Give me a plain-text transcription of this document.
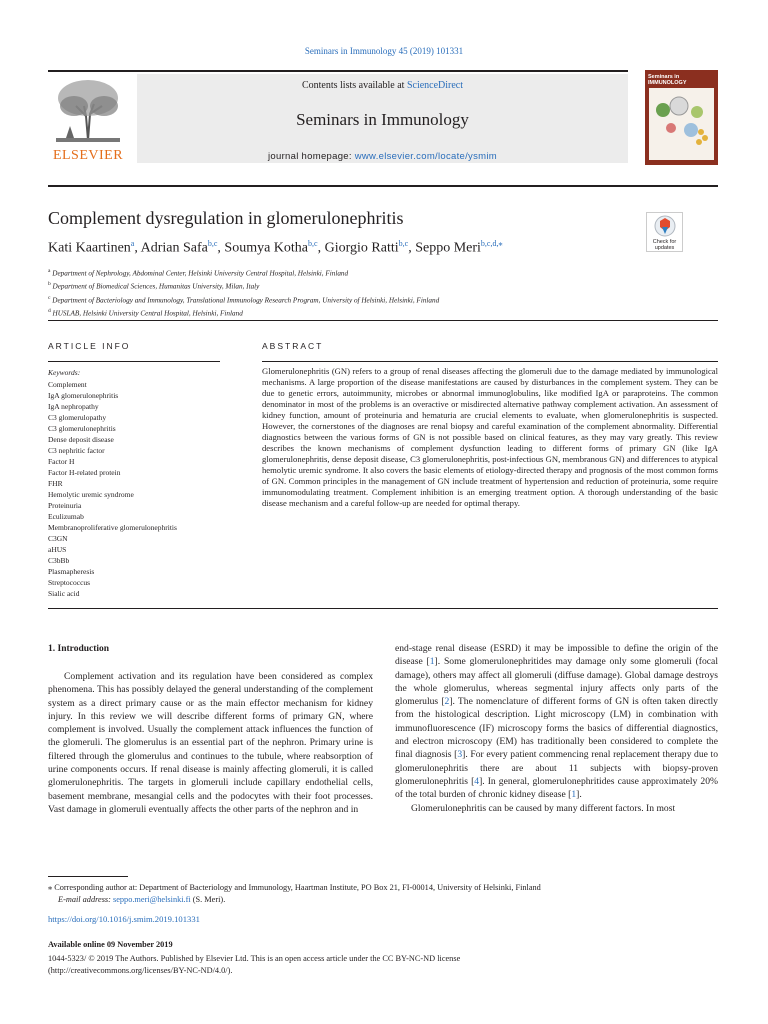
Seminars in Immunology 45 (2019) 101331
ELSEVIER
Contents lists available at ScienceDirect
Seminars in Immunology
journal homepage: www.elsevier.com/locate/ysmim
Seminars in IMMUNOLOGY
Complement dysregulation in glomerulonephritis
Check for updates
Kati Kaartinen$^a$, Adrian Safa$^{b,c}$, Soumya Kotha$^{b,c}$, Giorgio Ratti$^{b,c}$, Seppo Meri$^{b,c,d,⁎}$
$^a$ Department of Nephrology, Abdominal Center, Helsinki University Central Hospital, Helsinki, Finland
$^b$ Department of Biomedical Sciences, Humanitas University, Milan, Italy
$^c$ Department of Bacteriology and Immunology, Translational Immunology Research Program, University of Helsinki, Helsinki, Finland
$^d$ HUSLAB, Helsinki University Central Hospital, Helsinki, Finland
ARTICLE INFO	ABSTRACT
Keywords:
Complement
IgA glomerulonephritis
IgA nephropathy
C3 glomerulopathy
C3 glomerulonephritis
Dense deposit disease
C3 nephritic factor
Factor H
Factor H-related protein
FHR
Hemolytic uremic syndrome
Proteinuria
Eculizumab
Membranoproliferative glomerulonephritis
C3GN
aHUS
C3bBb
Plasmapheresis
Streptococcus
Sialic acid
Glomerulonephritis (GN) refers to a group of renal diseases affecting the glomeruli due to the damage mediated by immunological mechanisms. A large proportion of the disease manifestations are caused by disturbances in the complement system. They can be due to genetic errors, autoimmunity, microbes or abnormal immunoglobulins, like modified IgA or paraproteins. The common denominator in most of the problems is an overactive or misdirected alternative pathway complement activation. An assessment of kidney function, amount of proteinuria and hematuria are crucial elements to evaluate, when glomerulonephritis is suspected. However, the cornerstones of the diagnoses are renal biopsy and careful examination of the complement abnormality. Differential diagnostics between the various forms of GN is not possible based on clinical features, as they may vary greatly. This review describes the known mechanisms of complement dysfunction leading to different forms of primary GN (like IgA glomerulonephritis, dense deposit disease, C3 glomerulonephritis, post-infectious GN, membranous GN) and differences to atypical hemolytic uremic syndrome. It also covers the basic elements of etiology-directed therapy and prognosis of the most common forms of GN. Common principles in the management of GN include treatment of hypertension and reduction of proteinuria, some require immunomodulating treatment. Complement inhibition is an emerging treatment option. A thorough understanding of the basic disease mechanism and a careful follow-up are needed for optimal therapy.
1. Introduction

Complement activation and its regulation have been considered as complex phenomena. This has possibly delayed the general understanding of the complement system as a direct primary cause or as the main effector mechanism for kidney injury. In this review we will describe different forms of primary GN, where complement is involved. Usually the complement attack influences the function of the glomeruli. The glomerulus is an essential part of the nephron. Primary urine is filtered through the glomerulus and continues to the tubule, where reabsorption of urine components occurs. If renal disease is mainly affecting glomeruli, it is called glomerulonephritis. The targets in glomeruli include capillary endothelial cells, basement membrane, mesangial cells and the podocytes with their foot processes. Vast damage in glomeruli eventually affects the other parts of the nephron and in

end-stage renal disease (ESRD) it may be impossible to define the origin of the disease [1]. Some glomerulonephritides may damage only some glomeruli (focal damage), others may affect all glomeruli (diffuse damage). Global damage destroys the whole glomerulus, whereas segmental injury affects only parts of the glomerulus [2]. The nomenclature of different forms of GN is often taken directly from the histological description. Light microscopy (LM) in combination with immunofluorescence (IF) microscopy forms the basics of differential diagnostics, and electron microscopy (EM) has traditionally been considered to complete the final diagnosis [3]. For every patient commencing renal replacement therapy due to glomerulonephritis there are about 11 subjects with biopsy-proven glomerulonephritis [4]. In general, glomerulonephritides cause approximately 20% of the total burden of chronic kidney disease [1].

Glomerulonephritis can be caused by many different factors. In most

⁎ Corresponding author at: Department of Bacteriology and Immunology, Haartman Institute, PO Box 21, FI-00014, University of Helsinki, Finland
E-mail address: seppo.meri@helsinki.fi (S. Meri).
https://doi.org/10.1016/j.smim.2019.101331
Available online 09 November 2019
1044-5323/ © 2019 The Authors. Published by Elsevier Ltd. This is an open access article under the CC BY-NC-ND license
(http://creativecommons.org/licenses/BY-NC-ND/4.0/).
